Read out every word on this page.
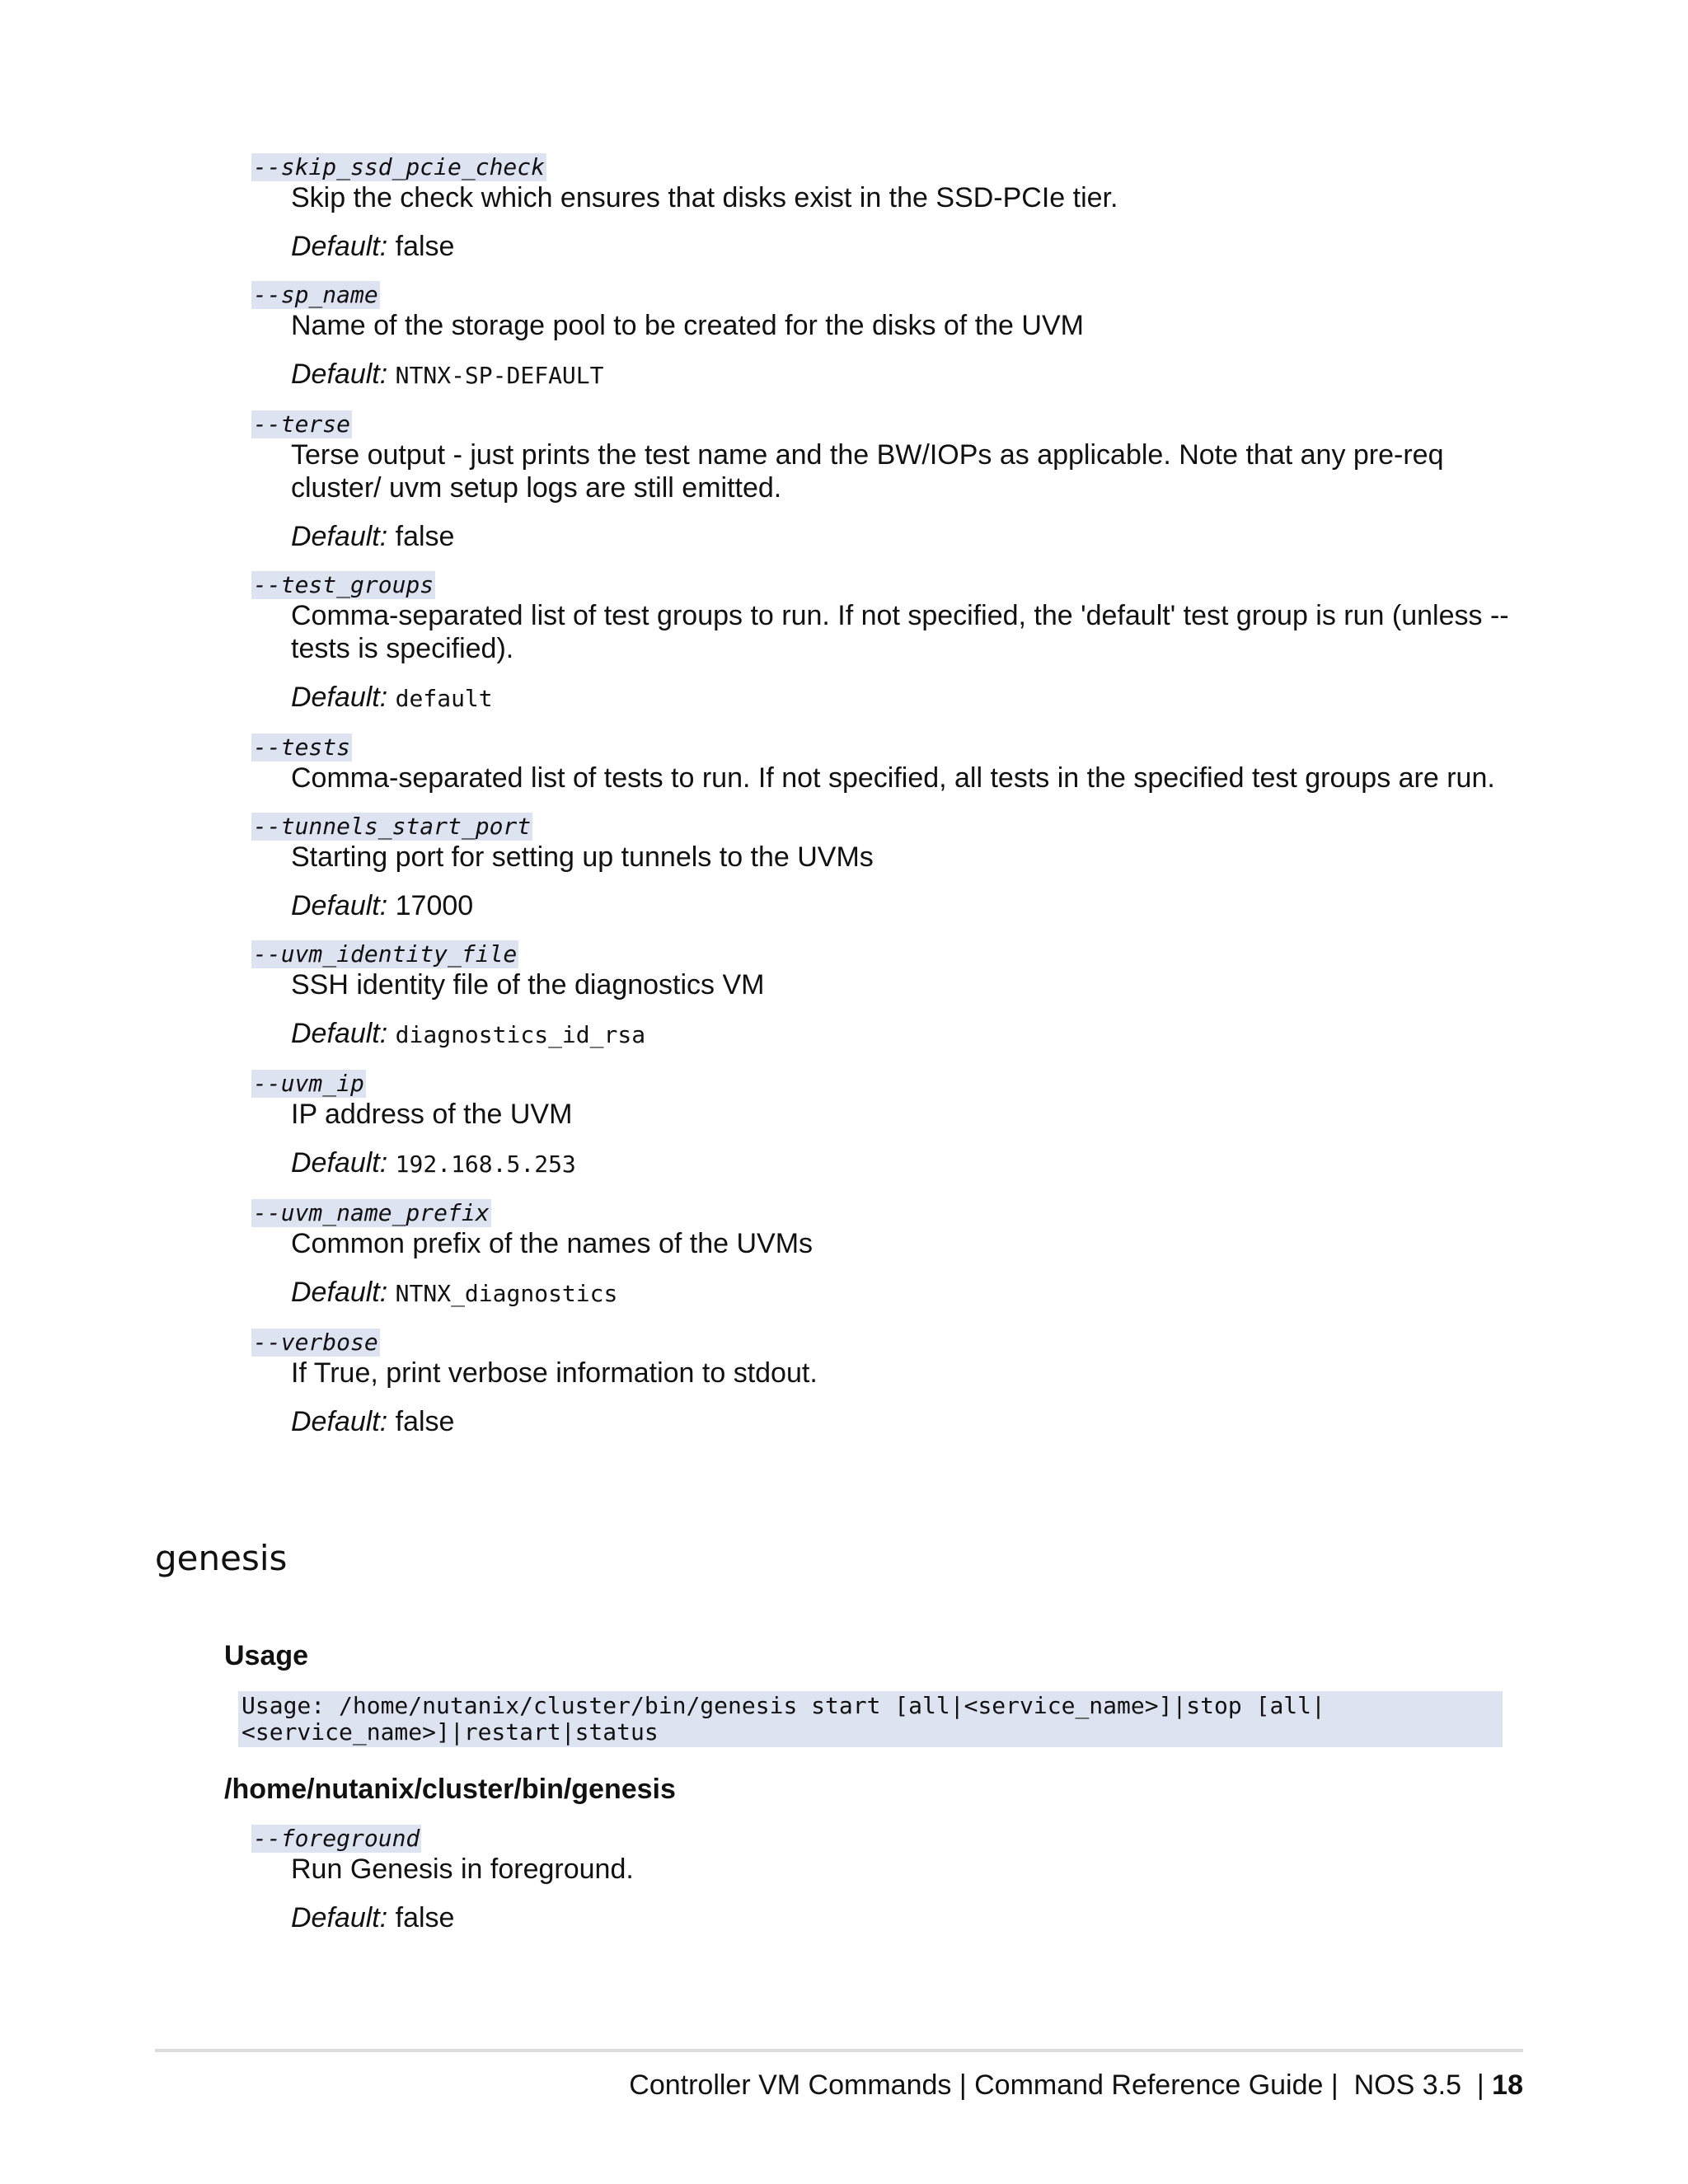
--skip_ssd_pcie_check
Skip the check which ensures that disks exist in the SSD-PCIe tier.
Default: false
--sp_name
Name of the storage pool to be created for the disks of the UVM
Default: NTNX-SP-DEFAULT
--terse
Terse output - just prints the test name and the BW/IOPs as applicable. Note that any pre-req cluster/ uvm setup logs are still emitted.
Default: false
--test_groups
Comma-separated list of test groups to run. If not specified, the 'default' test group is run (unless -- tests is specified).
Default: default
--tests
Comma-separated list of tests to run. If not specified, all tests in the specified test groups are run.
--tunnels_start_port
Starting port for setting up tunnels to the UVMs
Default: 17000
--uvm_identity_file
SSH identity file of the diagnostics VM
Default: diagnostics_id_rsa
--uvm_ip
IP address of the UVM
Default: 192.168.5.253
--uvm_name_prefix
Common prefix of the names of the UVMs
Default: NTNX_diagnostics
--verbose
If True, print verbose information to stdout.
Default: false
genesis
Usage
Usage: /home/nutanix/cluster/bin/genesis start [all|<service_name>]|stop [all|
<service_name>]|restart|status
/home/nutanix/cluster/bin/genesis
--foreground
Run Genesis in foreground.
Default: false
Controller VM Commands | Command Reference Guide |  NOS 3.5  | 18
